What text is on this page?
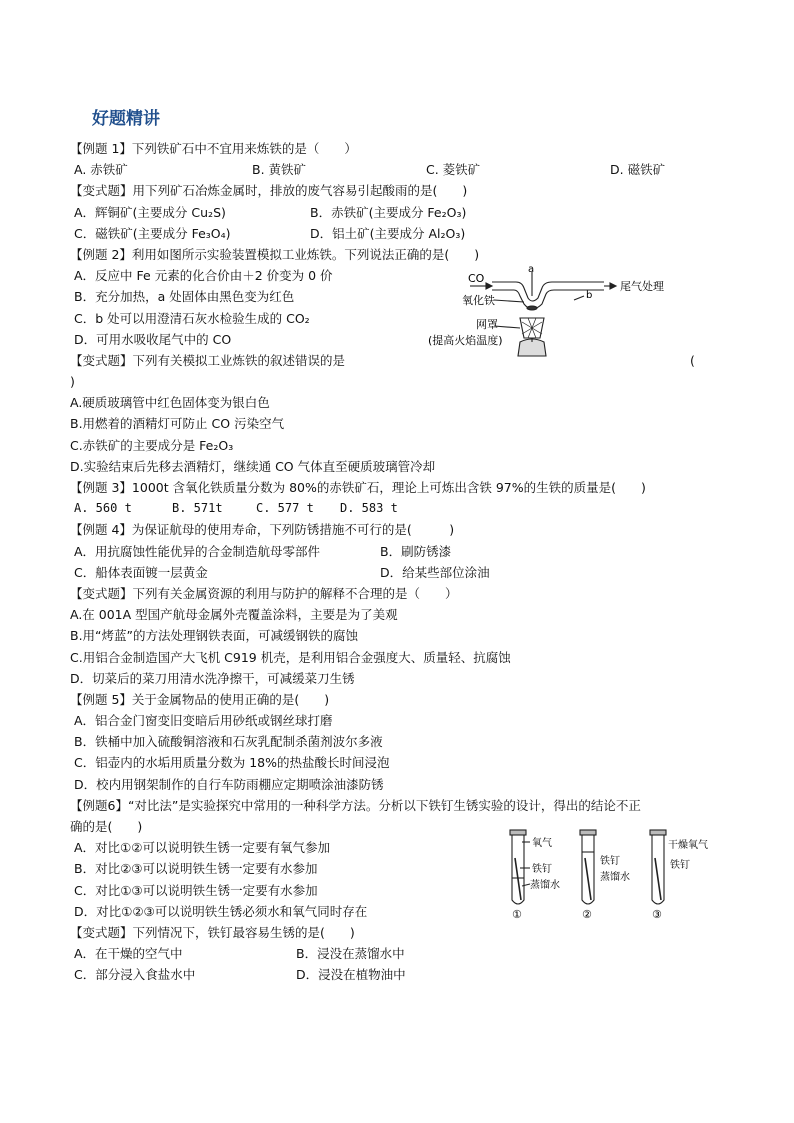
好题精讲
【例题 1】下列铁矿石中不宜用来炼铁的是（　　）
A. 赤铁矿	B. 黄铁矿	C. 菱铁矿	D. 磁铁矿
【变式题】用下列矿石冶炼金属时，排放的废气容易引起酸雨的是(　　)
A．辉铜矿(主要成分 Cu₂S)	B．赤铁矿(主要成分 Fe₂O₃)
C．磁铁矿(主要成分 Fe₃O₄)	D．铝土矿(主要成分 Al₂O₃)
【例题 2】利用如图所示实验装置模拟工业炼铁。下列说法正确的是(　　)
A．反应中 Fe 元素的化合价由＋2 价变为 0 价
B．充分加热，a 处固体由黑色变为红色
C．b 处可以用澄清石灰水检验生成的 CO₂
D．可用水吸收尾气中的 CO
【变式题】下列有关模拟工业炼铁的叙述错误的是	(
)
A.硬质玻璃管中红色固体变为银白色
B.用燃着的酒精灯可防止 CO 污染空气
C.赤铁矿的主要成分是 Fe₂O₃
D.实验结束后先移去酒精灯，继续通 CO 气体直至硬质玻璃管冷却
【例题 3】1000t 含氧化铁质量分数为 80%的赤铁矿石，理论上可炼出含铁 97%的生铁的质量是(　　)
A. 560 t	B. 571t	C. 577 t D. 583 t
【例题 4】为保证航母的使用寿命，下列防锈措施不可行的是(　　　)
A．用抗腐蚀性能优异的合金制造航母零部件	B．刷防锈漆
C．船体表面镀一层黄金	D．给某些部位涂油
【变式题】下列有关金属资源的利用与防护的解释不合理的是（　　）
A.在 001A 型国产航母金属外壳覆盖涂料，主要是为了美观
B.用“烤蓝”的方法处理钢铁表面，可减缓钢铁的腐蚀
C.用铝合金制造国产大飞机 C919 机壳，是利用铝合金强度大、质量轻、抗腐蚀
D．切菜后的菜刀用清水洗净擦干，可减缓菜刀生锈
【例题 5】关于金属物品的使用正确的是(　　)
A．铝合金门窗变旧变暗后用砂纸或钢丝球打磨
B．铁桶中加入硫酸铜溶液和石灰乳配制杀菌剂波尔多液
C．铝壶内的水垢用质量分数为 18%的热盐酸长时间浸泡
D．校内用钢架制作的自行车防雨棚应定期喷涂油漆防锈
【例题6】“对比法”是实验探究中常用的一种科学方法。分析以下铁钉生锈实验的设计，得出的结论不正
确的是(　　)
A．对比①②可以说明铁生锈一定要有氧气参加
B．对比②③可以说明铁生锈一定要有水参加
C．对比①③可以说明铁生锈一定要有水参加
D．对比①②③可以说明铁生锈必须水和氧气同时存在
【变式题】下列情况下，铁钉最容易生锈的是(　　)
A．在干燥的空气中	B．浸没在蒸馏水中
C．部分浸入食盐水中	D．浸没在植物油中
CO
a
b
尾气处理
氧化铁
网罩
(提高火焰温度)
氧气
铁钉
蒸馏水
铁钉
蒸馏水
干燥氧气
铁钉
①	②	③
